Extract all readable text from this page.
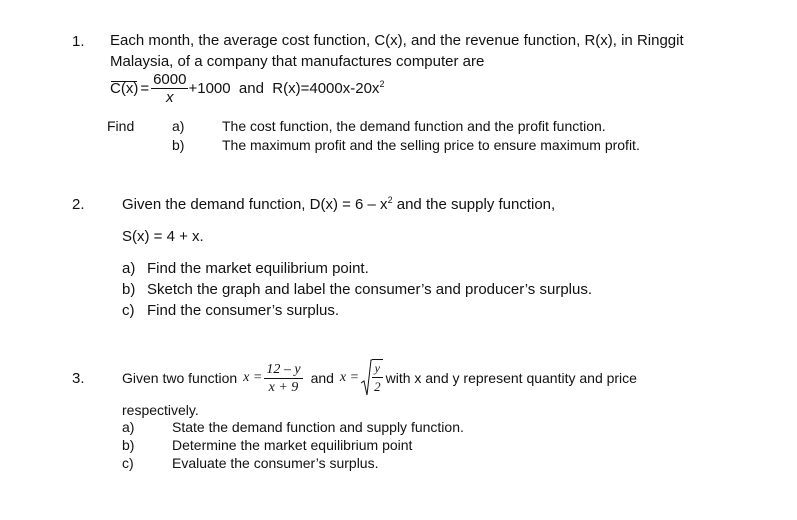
1. Each month, the average cost function, C(x), and the revenue function, R(x), in Ringgit
Malaysia, of a company that manufactures computer are
$C(x) = \frac{6000}{x} +1000$  and  $R(x)=4000x-20x^2$
Find	a)	The cost function, the demand function and the profit function.
b)	The maximum profit and the selling price to ensure maximum profit.
2. Given the demand function, $D(x) = 6 - x^2$ and the supply function,
S(x) = 4 + x.
a) Find the market equilibrium point.
b) Sketch the graph and label the consumer’s and producer’s surplus.
c) Find the consumer’s surplus.
3.	Given two function $x = \frac{12 - y}{x + 9}$ and $x = \frac{y}{2}$ with x and y represent quantity and price
respectively.
a)	State the demand function and supply function.
b)	Determine the market equilibrium point
c)	Evaluate the consumer’s surplus.
